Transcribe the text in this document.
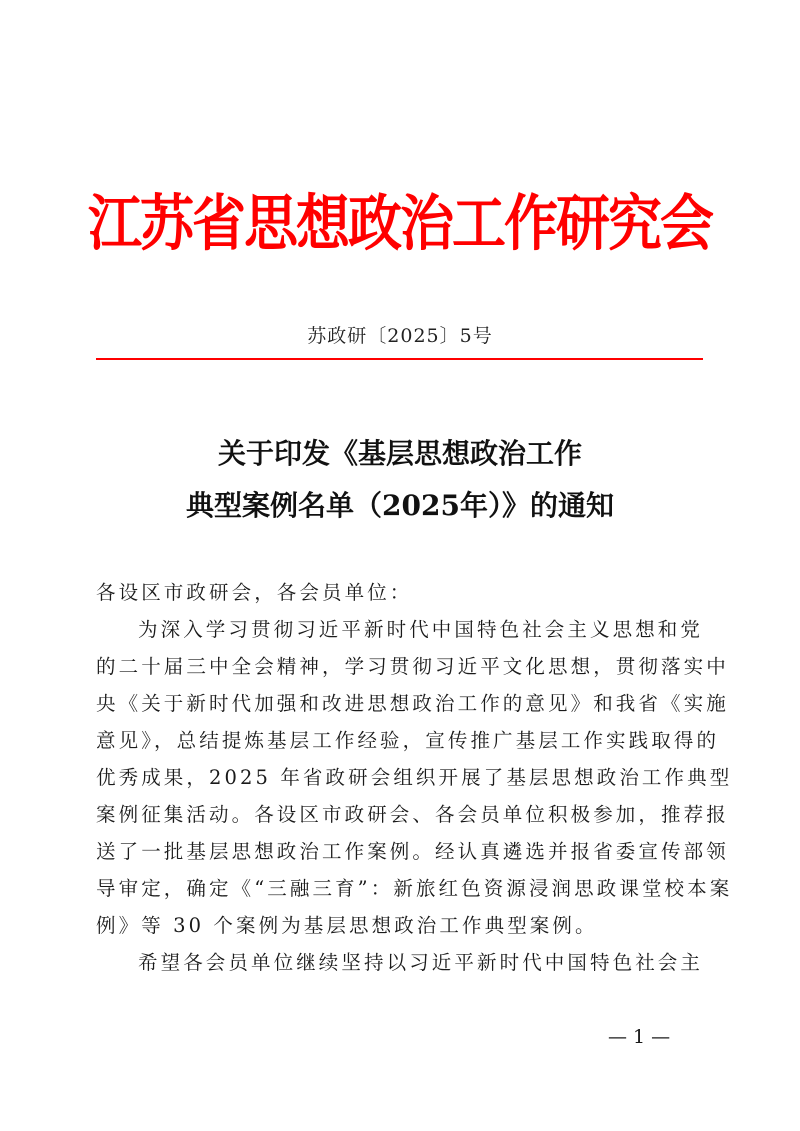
江苏省思想政治工作研究会
苏政研〔2025〕5号
关于印发《基层思想政治工作
典型案例名单（2025年）》的通知
各设区市政研会，各会员单位：
为深入学习贯彻习近平新时代中国特色社会主义思想和党
的二十届三中全会精神，学习贯彻习近平文化思想，贯彻落实中
央《关于新时代加强和改进思想政治工作的意见》和我省《实施
意见》，总结提炼基层工作经验，宣传推广基层工作实践取得的
优秀成果，2025 年省政研会组织开展了基层思想政治工作典型
案例征集活动。各设区市政研会、各会员单位积极参加，推荐报
送了一批基层思想政治工作案例。经认真遴选并报省委宣传部领
导审定，确定《“三融三育”：新旅红色资源浸润思政课堂校本案
例》等 30 个案例为基层思想政治工作典型案例。
希望各会员单位继续坚持以习近平新时代中国特色社会主
— 1 —
